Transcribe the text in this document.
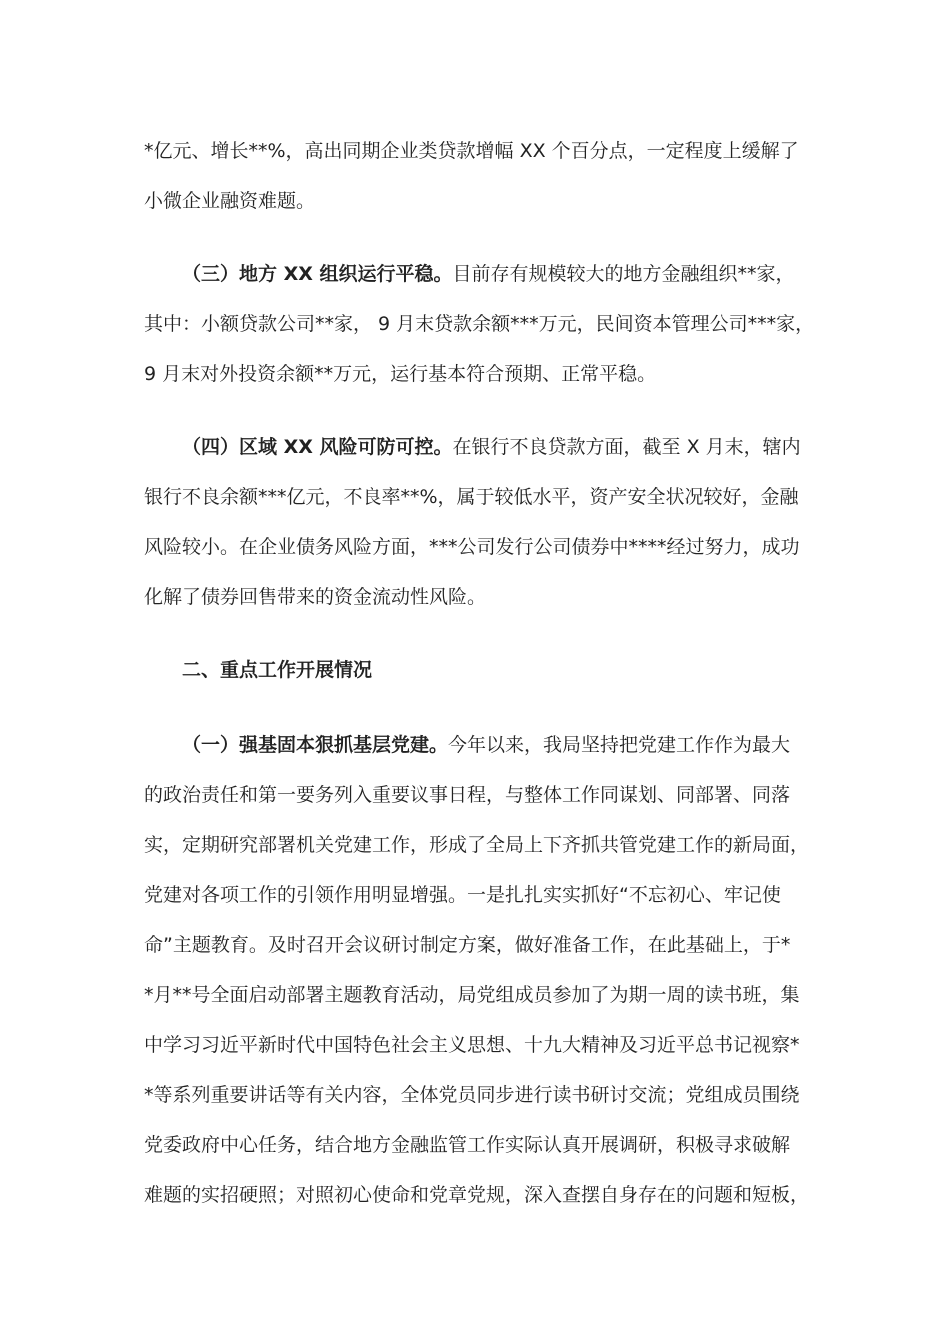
*亿元、增长**%，高出同期企业类贷款增幅 XX 个百分点，一定程度上缓解了
小微企业融资难题。
（三）地方 XX 组织运行平稳。目前存有规模较大的地方金融组织**家，
其中：小额贷款公司**家， 9 月末贷款余额***万元，民间资本管理公司***家，
9 月末对外投资余额**万元，运行基本符合预期、正常平稳。
（四）区域 XX 风险可防可控。在银行不良贷款方面，截至 X 月末，辖内
银行不良余额***亿元，不良率**%，属于较低水平，资产安全状况较好，金融
风险较小。在企业债务风险方面，***公司发行公司债券中****经过努力，成功
化解了债券回售带来的资金流动性风险。
二、重点工作开展情况
（一）强基固本狠抓基层党建。今年以来，我局坚持把党建工作作为最大
的政治责任和第一要务列入重要议事日程，与整体工作同谋划、同部署、同落
实，定期研究部署机关党建工作，形成了全局上下齐抓共管党建工作的新局面，
党建对各项工作的引领作用明显增强。一是扎扎实实抓好“不忘初心、牢记使
命”主题教育。及时召开会议研讨制定方案，做好准备工作，在此基础上，于*
*月**号全面启动部署主题教育活动，局党组成员参加了为期一周的读书班，集
中学习习近平新时代中国特色社会主义思想、十九大精神及习近平总书记视察*
*等系列重要讲话等有关内容，全体党员同步进行读书研讨交流；党组成员围绕
党委政府中心任务，结合地方金融监管工作实际认真开展调研，积极寻求破解
难题的实招硬照；对照初心使命和党章党规，深入查摆自身存在的问题和短板，
